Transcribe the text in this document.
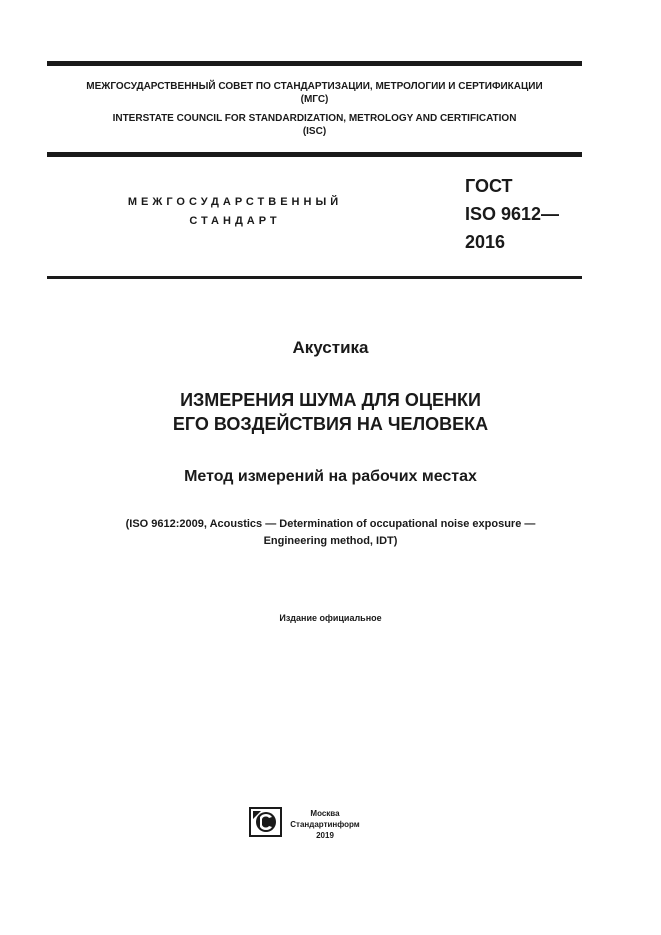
МЕЖГОСУДАРСТВЕННЫЙ СОВЕТ ПО СТАНДАРТИЗАЦИИ, МЕТРОЛОГИИ И СЕРТИФИКАЦИИ
(МГС)
INTERSTATE COUNCIL FOR STANDARDIZATION, METROLOGY AND CERTIFICATION
(ISC)
МЕЖГОСУДАРСТВЕННЫЙ
СТАНДАРТ
ГОСТ
ISO 9612—
2016
Акустика
ИЗМЕРЕНИЯ ШУМА ДЛЯ ОЦЕНКИ
ЕГО ВОЗДЕЙСТВИЯ НА ЧЕЛОВЕКА
Метод измерений на рабочих местах
(ISO 9612:2009, Acoustics — Determination of occupational noise exposure —
Engineering method, IDT)
Издание официальное
Москва
Стандартинформ
2019
